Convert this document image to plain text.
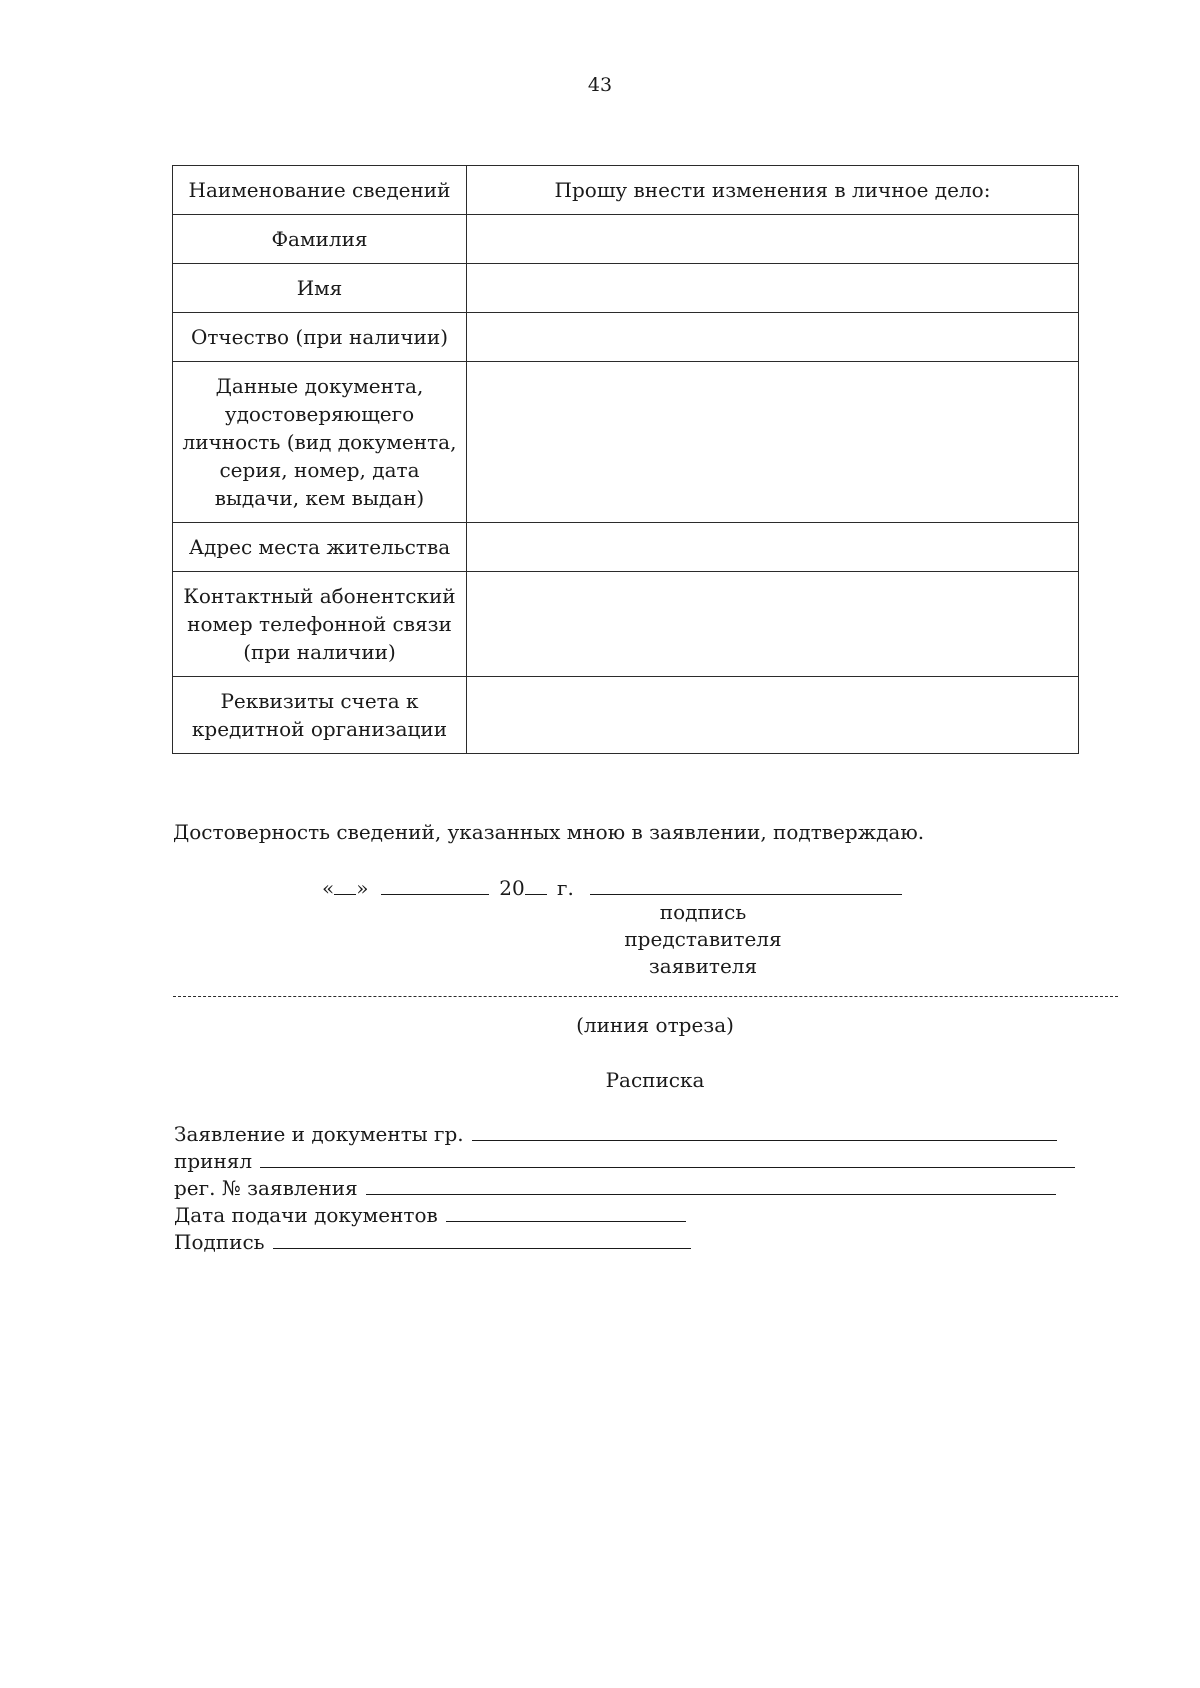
43
Наименование сведений	Прошу внести изменения в личное дело:
Фамилия	
Имя	
Отчество (при наличии)	
Данные документа, удостоверяющего личность (вид документа, серия, номер, дата выдачи, кем выдан)	
Адрес места жительства	
Контактный абонентский номер телефонной связи (при наличии)	
Реквизиты счета к кредитной организации	
Достоверность сведений, указанных мною в заявлении, подтверждаю.
« »	20 г.
подпись
представителя заявителя
(линия отреза)
Расписка
Заявление и документы гр.
принял
рег. № заявления
Дата подачи документов
Подпись
